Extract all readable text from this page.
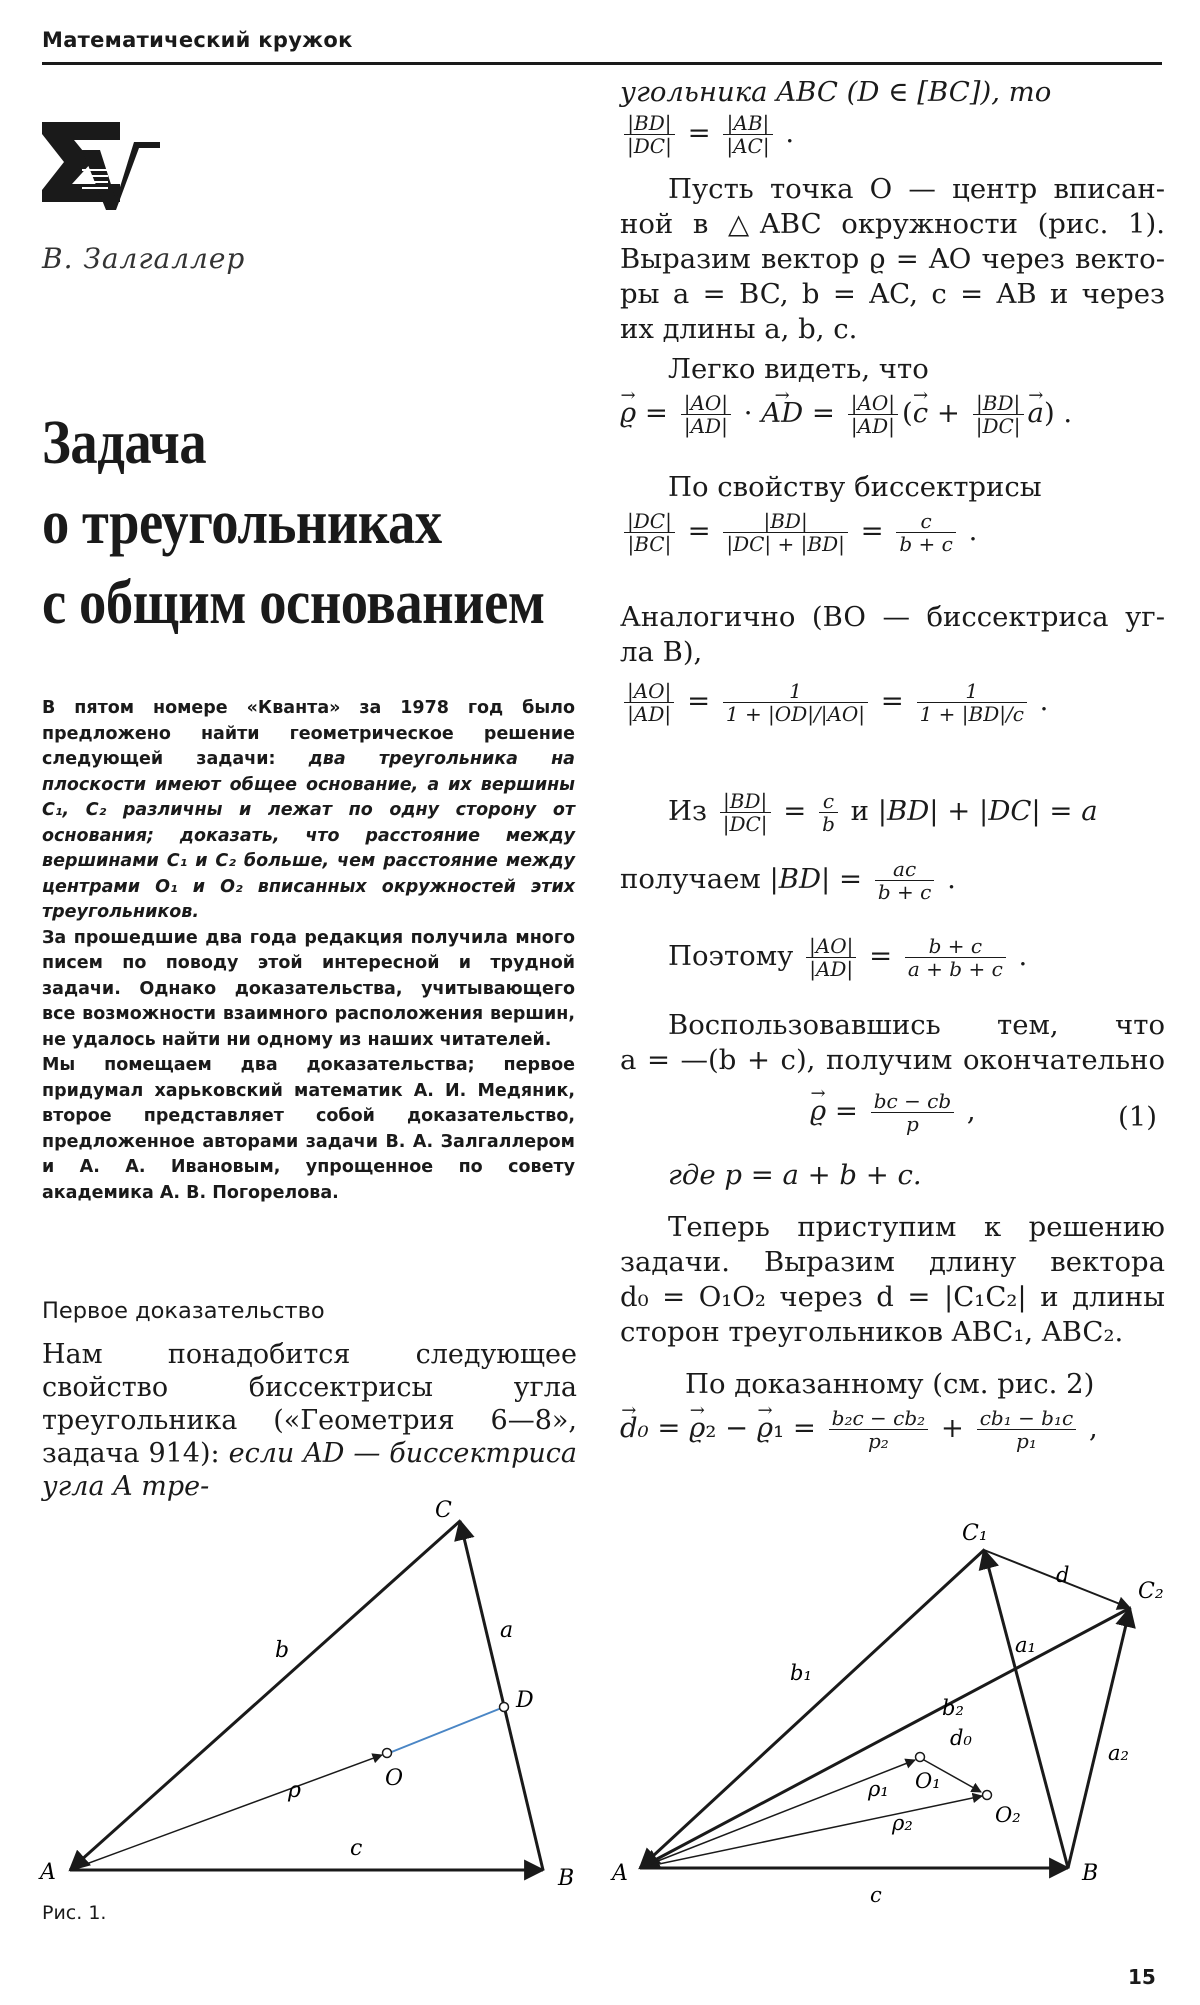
Математический кружок
В. Залгаллер
Задача
о треугольниках
с общим основанием

В пятом номере «Кванта» за 1978 год было предложено найти геометрическое решение следующей задачи: два треугольника на плоскости имеют общее основание, а их вершины C₁, C₂ различны и лежат по одну сторону от основания; доказать, что расстояние между вершинами C₁ и C₂ больше, чем расстояние между центрами O₁ и O₂ вписанных окружностей этих треугольников.

За прошедшие два года редакция получила много писем по поводу этой интересной и трудной задачи. Однако доказательства, учитывающего все возможности взаимного расположения вершин, не удалось найти ни одному из наших читателей.

Мы помещаем два доказательства; первое придумал харьковский математик А. И. Медяник, второе представляет собой доказательство, предложенное авторами задачи В. А. Залгаллером и А. А. Ивановым, упрощенное по совету академика А. В. Погорелова.

Первое доказательство
Нам понадобится следующее свойство биссектрисы угла треугольника («Геометрия 6—8», задача 914): если AD — биссектриса угла A тре-
угольника ABC (D ∈ [BC]), то
$\frac{|BD|}{|DC|} = \frac{|AB|}{|AC|}$ .
Пусть точка O — центр вписан-
ной в △ABC окружности (рис. 1).
Выразим вектор ϱ = AO через векто-
ры a = BC, b = AC, c = AB и через
их длины a, b, c.
Легко видеть, что
→ $ϱ = \frac{|AO|}{|AD|}$ · → AD = $\frac{|AO|}{|AD|}$ (→ $c + \frac{|BD|}{|DC|}$
→ a) .
По свойству биссектрисы
$\frac{|DC|}{|BC|} = \frac{|BD|}{|DC| + |BD|} = \frac{c}{b + c}$ .
Аналогично (BO — биссектриса уг-
ла B),
$\frac{|AO|}{|AD|} = \frac{1}{1 + |OD|/|AO|} = \frac{1}{1 + |BD|/c}$ .
Из $\frac{|BD|}{|DC|} = \frac{c}{b}$ и |BD| + |DC| = a
получаем $|BD| = \frac{ac}{b + c}$ .
Поэтому $\frac{|AO|}{|AD|} = \frac{b + c}{a + b + c}$ .
Воспользовавшись тем, что
a = —(b + c), получим окончательно
→ $ϱ = \frac{bc - cb}{p}$ ,	(1)
где p = a + b + c.
Теперь приступим к решению
задачи. Выразим длину вектора
d₀ = O₁O₂ через d = |C₁C₂| и длины
сторон треугольников ABC₁, ABC₂.
По доказанному (см. рис. 2)
→ d₀ = → ϱ₂ − → $ϱ_1 = \frac{\text{b₂c − cb₂}}{\text{p₂}} + \frac{\text{cb₁ − b₁c}}{\text{p₁}}$ ,
A	B
C
D
O
a
b
c
ρ
Рис. 1.
A	B
C₁
C₂
O₁
O₂
a₁
a₂
b₁
b₂
c
d
d₀
ρ₁
ρ₂
15
